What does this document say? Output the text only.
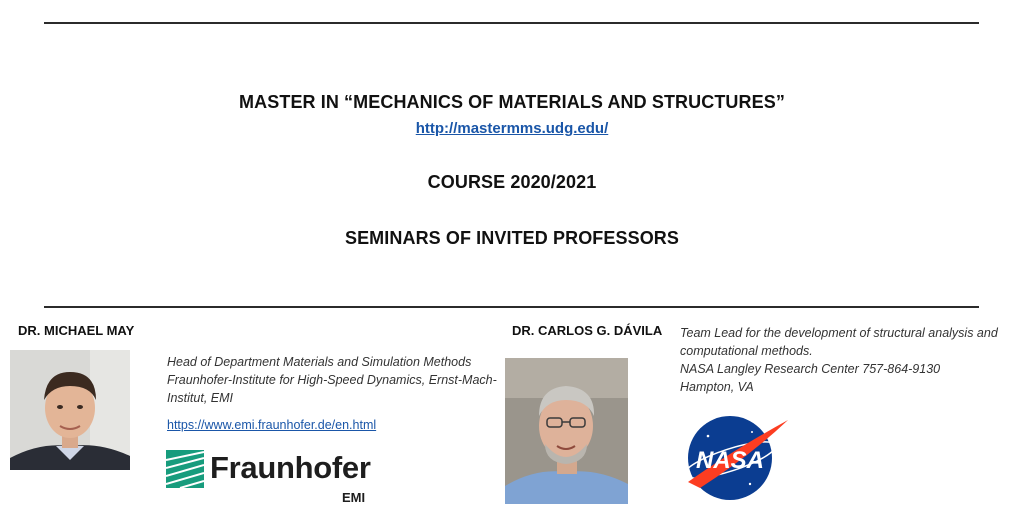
MASTER IN “MECHANICS OF MATERIALS AND STRUCTURES”
http://mastermms.udg.edu/
COURSE 2020/2021
SEMINARS OF INVITED PROFESSORS
DR. MICHAEL MAY
Head of Department Materials and Simulation Methods
Fraunhofer-Institute for High-Speed Dynamics, Ernst-Mach-
Institut, EMI
https://www.emi.fraunhofer.de/en.html
Fraunhofer
EMI
DR. CARLOS G. DÁVILA Team Lead for the development of structural analysis and
computational methods.
NASA Langley Research Center 757-864-9130
Hampton, VA
NASA
